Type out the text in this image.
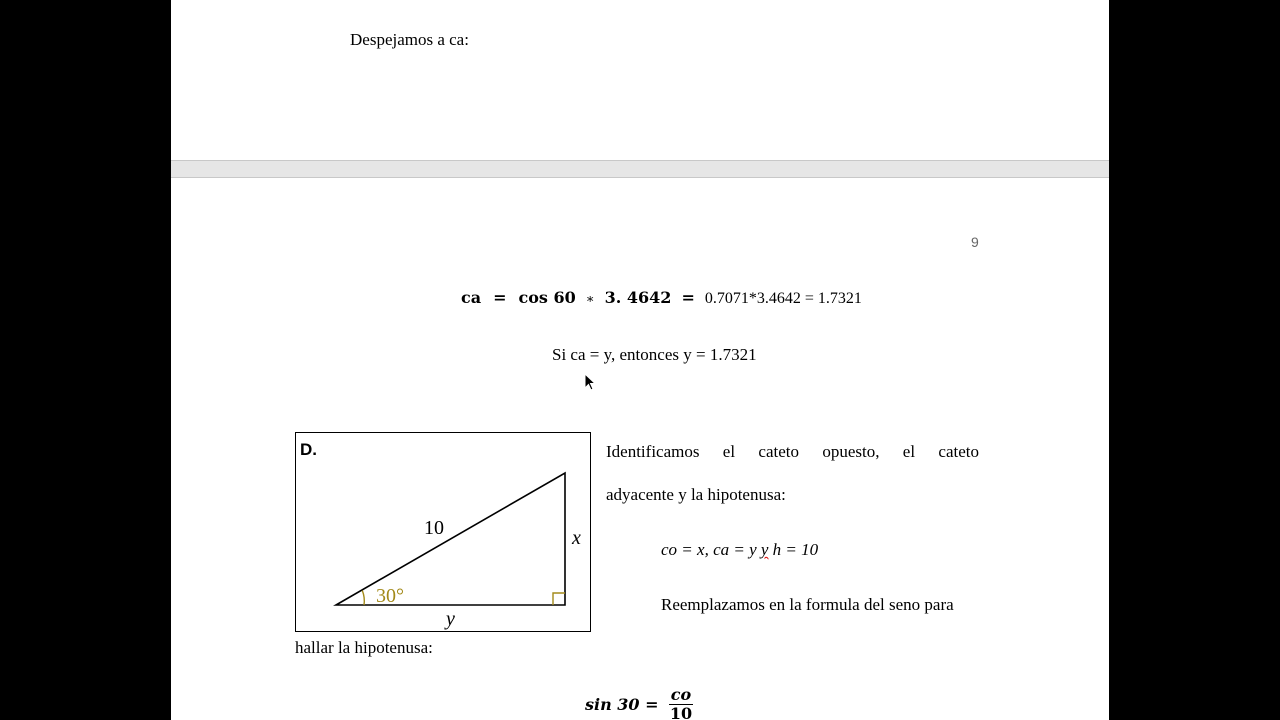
Despejamos a ca:
9
ca = cos 60 ∗ 3. 4642 = 0.7071*3.4642 = 1.7321
Si ca = y, entonces y = 1.7321
D.
30°
10	x
y
Identificamos el cateto opuesto, el cateto
adyacente y la hipotenusa:
co = x, ca = y y h = 10
Reemplazamos en la formula del seno para
hallar la hipotenusa:
$\sin 30 = \frac{co}{10}$
